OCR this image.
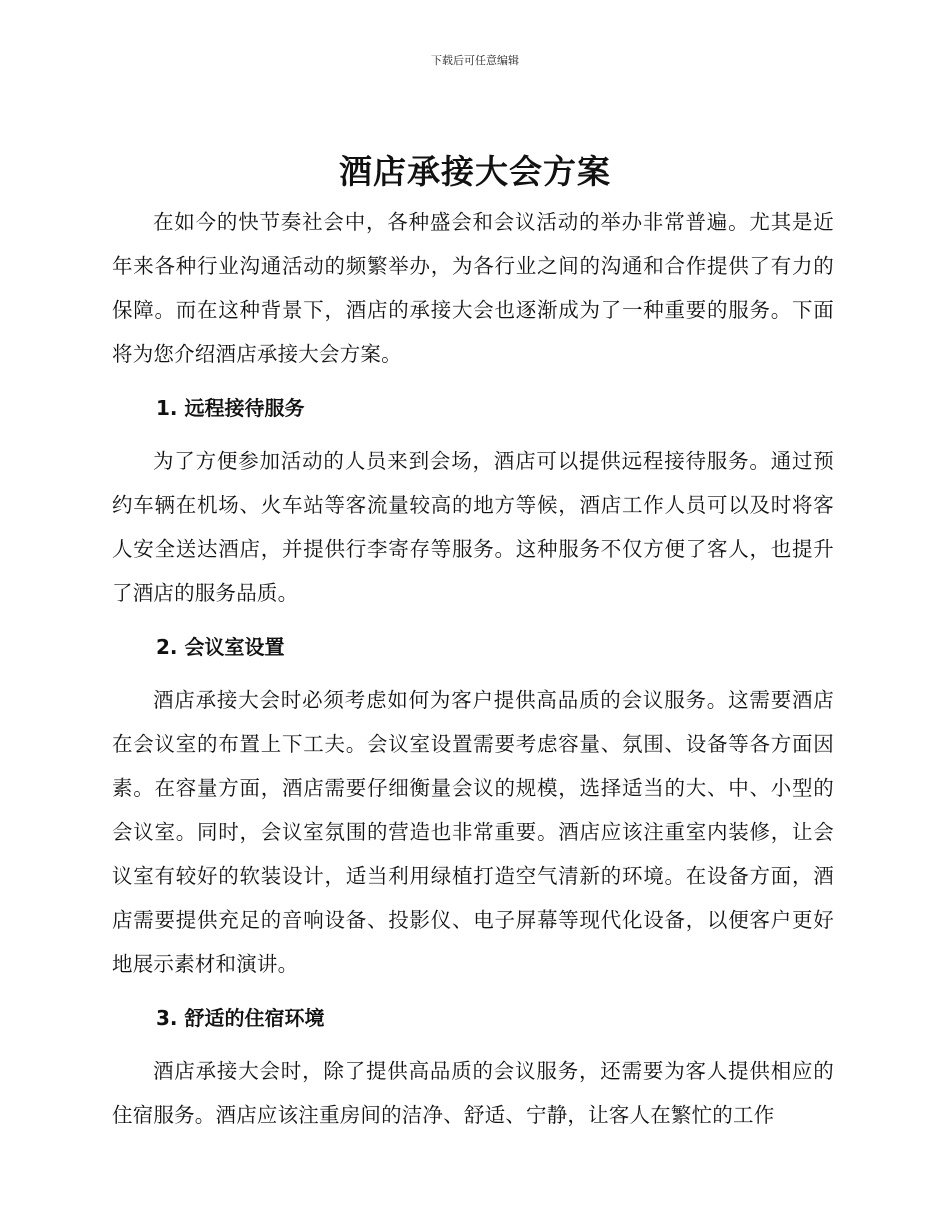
下载后可任意编辑
酒店承接大会方案

在如今的快节奏社会中，各种盛会和会议活动的举办非常普遍。尤其是近年来各种行业沟通活动的频繁举办，为各行业之间的沟通和合作提供了有力的保障。而在这种背景下，酒店的承接大会也逐渐成为了一种重要的服务。下面将为您介绍酒店承接大会方案。

1. 远程接待服务

为了方便参加活动的人员来到会场，酒店可以提供远程接待服务。通过预约车辆在机场、火车站等客流量较高的地方等候，酒店工作人员可以及时将客人安全送达酒店，并提供行李寄存等服务。这种服务不仅方便了客人，也提升了酒店的服务品质。

2. 会议室设置

酒店承接大会时必须考虑如何为客户提供高品质的会议服务。这需要酒店在会议室的布置上下工夫。会议室设置需要考虑容量、氛围、设备等各方面因素。在容量方面，酒店需要仔细衡量会议的规模，选择适当的大、中、小型的会议室。同时，会议室氛围的营造也非常重要。酒店应该注重室内装修，让会议室有较好的软装设计，适当利用绿植打造空气清新的环境。在设备方面，酒店需要提供充足的音响设备、投影仪、电子屏幕等现代化设备，以便客户更好地展示素材和演讲。

3. 舒适的住宿环境

酒店承接大会时，除了提供高品质的会议服务，还需要为客人提供相应的住宿服务。酒店应该注重房间的洁净、舒适、宁静，让客人在繁忙的工作
